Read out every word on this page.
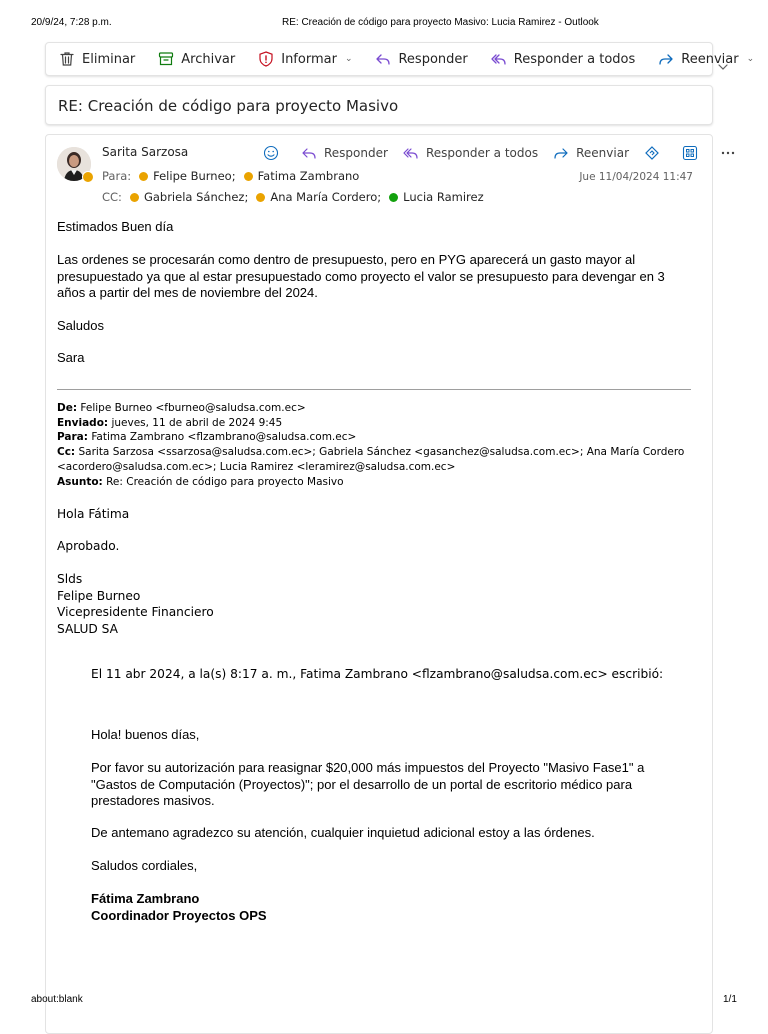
20/9/24, 7:28 p.m.	RE: Creación de código para proyecto Masivo: Lucia Ramirez - Outlook
Eliminar	Archivar	Informar ⌄	Responder	Responder a todos	Reenviar ⌄
RE: Creación de código para proyecto Masivo
Sarita Sarzosa
Para: Felipe Burneo; Fatima Zambrano
CC: Gabriela Sánchez; Ana María Cordero; Lucia Ramirez
Responder	Responder a todos	Reenviar
Jue 11/04/2024 11:47
Estimados Buen día
Las ordenes se procesarán como dentro de presupuesto, pero en PYG aparecerá un gasto mayor al
presupuestado ya que al estar presupuestado como proyecto el valor se presupuesto para devengar en 3
años a partir del mes de noviembre del 2024.
Saludos
Sara
De: Felipe Burneo <fburneo@saludsa.com.ec>
Enviado: jueves, 11 de abril de 2024 9:45
Para: Fatima Zambrano <flzambrano@saludsa.com.ec>
Cc: Sarita Sarzosa <ssarzosa@saludsa.com.ec>; Gabriela Sánchez <gasanchez@saludsa.com.ec>; Ana María Cordero
<acordero@saludsa.com.ec>; Lucia Ramirez <leramirez@saludsa.com.ec>
Asunto: Re: Creación de código para proyecto Masivo
Hola Fátima
Aprobado.
Slds
Felipe Burneo
Vicepresidente Financiero
SALUD SA
El 11 abr 2024, a la(s) 8:17 a. m., Fatima Zambrano <flzambrano@saludsa.com.ec> escribió:
Hola! buenos días,
Por favor su autorización para reasignar $20,000 más impuestos del Proyecto "Masivo Fase1" a
"Gastos de Computación (Proyectos)"; por el desarrollo de un portal de escritorio médico para
prestadores masivos.
De antemano agradezco su atención, cualquier inquietud adicional estoy a las órdenes.
Saludos cordiales,
Fátima Zambrano
Coordinador Proyectos OPS
about:blank	1/1
